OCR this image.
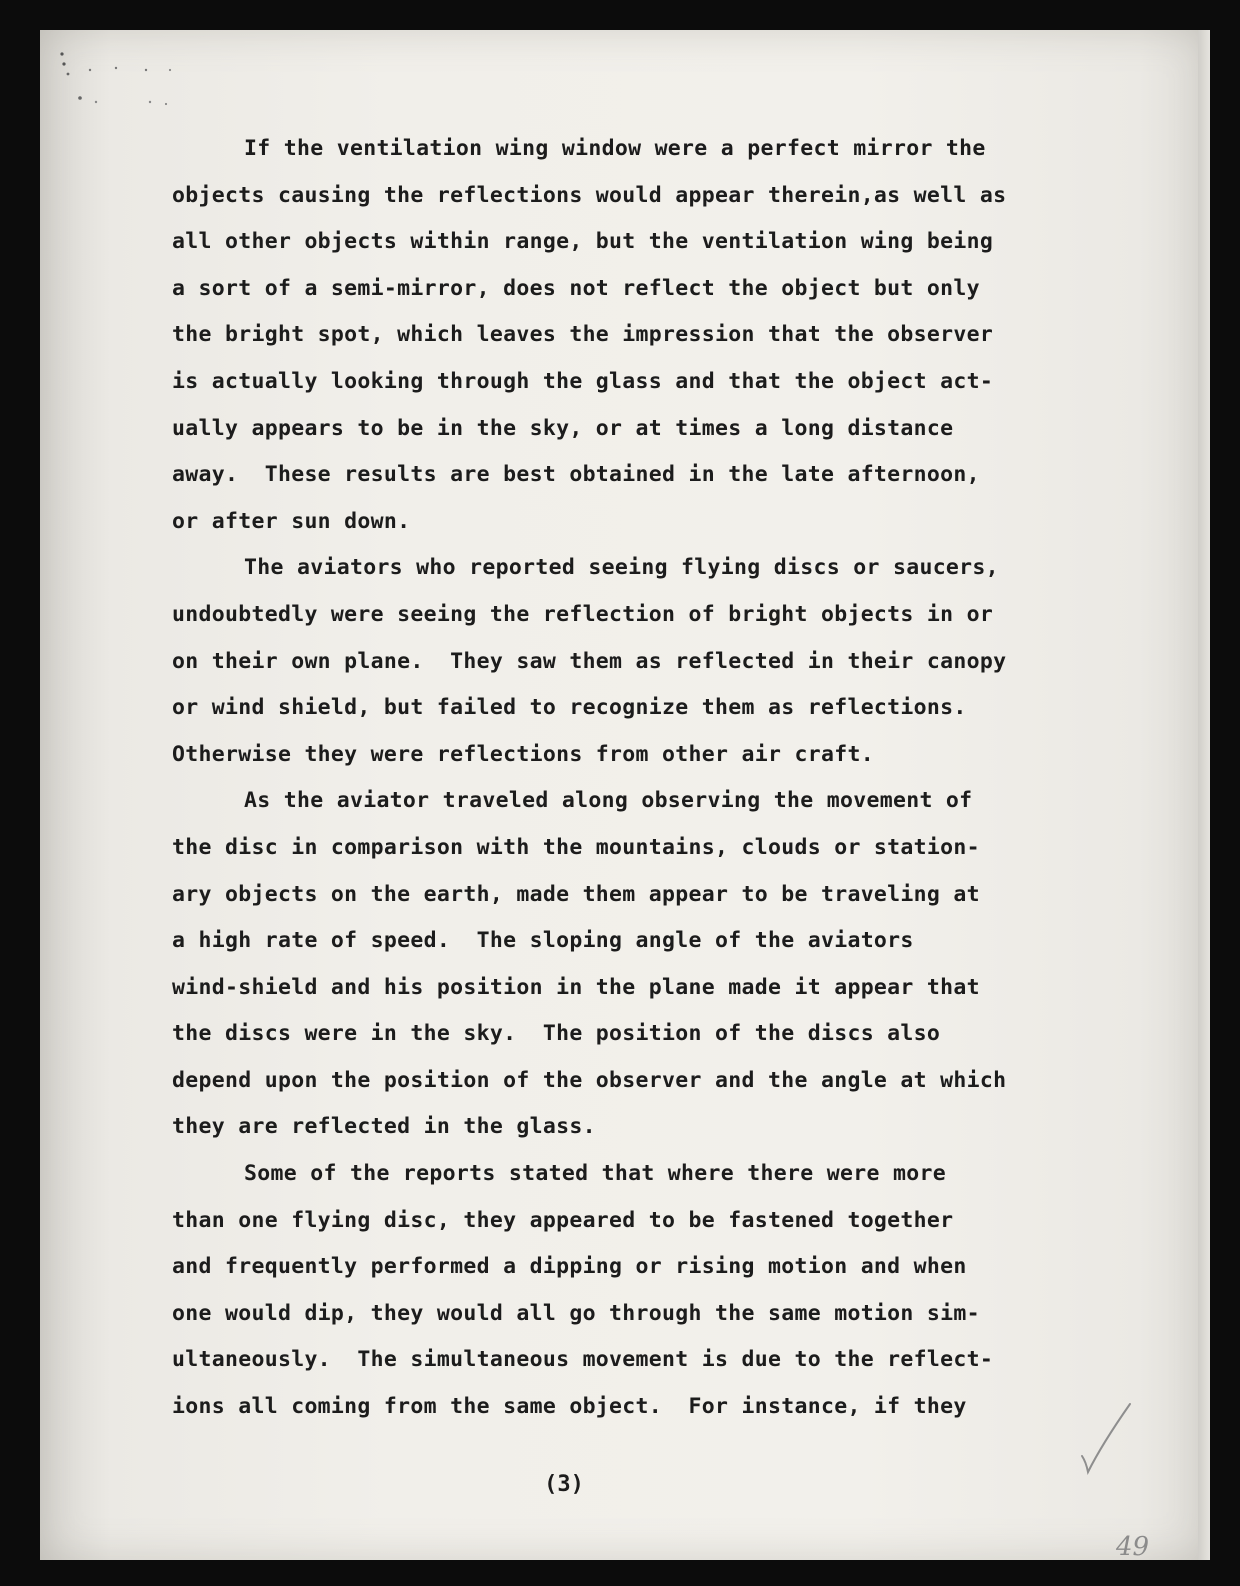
If the ventilation wing window were a perfect mirror the
objects causing the reflections would appear therein,as well as
all other objects within range, but the ventilation wing being
a sort of a semi-mirror, does not reflect the object but only
the bright spot, which leaves the impression that the observer
is actually looking through the glass and that the object act-
ually appears to be in the sky, or at times a long distance
away.  These results are best obtained in the late afternoon,
or after sun down.
The aviators who reported seeing flying discs or saucers,
undoubtedly were seeing the reflection of bright objects in or
on their own plane.  They saw them as reflected in their canopy
or wind shield, but failed to recognize them as reflections.
Otherwise they were reflections from other air craft.
As the aviator traveled along observing the movement of
the disc in comparison with the mountains, clouds or station-
ary objects on the earth, made them appear to be traveling at
a high rate of speed.  The sloping angle of the aviators
wind-shield and his position in the plane made it appear that
the discs were in the sky.  The position of the discs also
depend upon the position of the observer and the angle at which
they are reflected in the glass.
Some of the reports stated that where there were more
than one flying disc, they appeared to be fastened together
and frequently performed a dipping or rising motion and when
one would dip, they would all go through the same motion sim-
ultaneously.  The simultaneous movement is due to the reflect-
ions all coming from the same object.  For instance, if they
(3)
49
